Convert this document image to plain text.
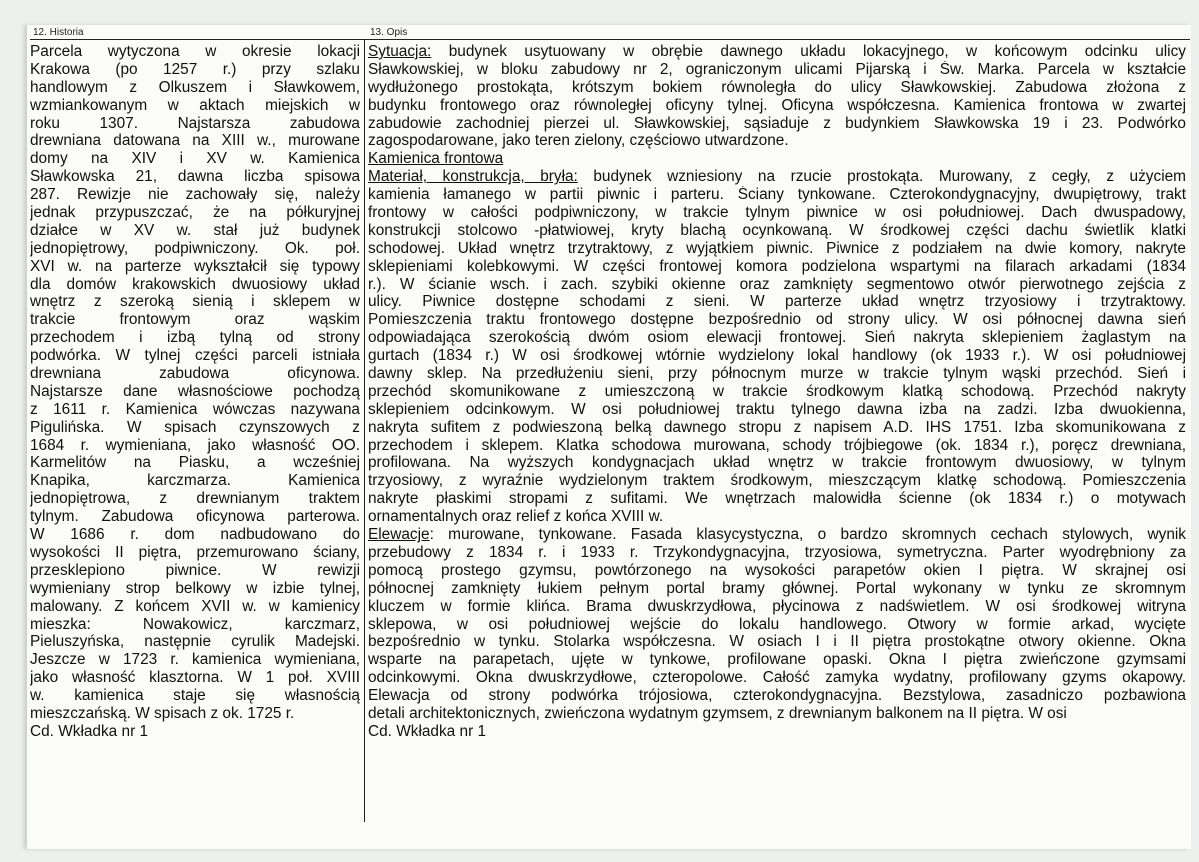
12. Historia	13. Opis
Parcela wytyczona w okresie lokacji
Krakowa (po 1257 r.) przy szlaku
handlowym z Olkuszem i Sławkowem,
wzmiankowanym w aktach miejskich w
roku 1307. Najstarsza zabudowa
drewniana datowana na XIII w., murowane
domy na XIV i XV w. Kamienica
Sławkowska 21, dawna liczba spisowa
287. Rewizje nie zachowały się, należy
jednak przypuszczać, że na półkuryjnej
działce w XV w. stał już budynek
jednopiętrowy, podpiwniczony. Ok. poł.
XVI w. na parterze wykształcił się typowy
dla domów krakowskich dwuosiowy układ
wnętrz z szeroką sienią i sklepem w
trakcie frontowym oraz wąskim
przechodem i izbą tylną od strony
podwórka. W tylnej części parceli istniała
drewniana zabudowa oficynowa.
Najstarsze dane własnościowe pochodzą
z 1611 r. Kamienica wówczas nazywana
Pigulińska. W spisach czynszowych z
1684 r. wymieniana, jako własność OO.
Karmelitów na Piasku, a wcześniej
Knapika, karczmarza. Kamienica
jednopiętrowa, z drewnianym traktem
tylnym. Zabudowa oficynowa parterowa.
W 1686 r. dom nadbudowano do
wysokości II piętra, przemurowano ściany,
przesklepiono piwnice. W rewizji
wymieniany strop belkowy w izbie tylnej,
malowany. Z końcem XVII w. w kamienicy
mieszka: Nowakowicz, karczmarz,
Pieluszyńska, następnie cyrulik Madejski.
Jeszcze w 1723 r. kamienica wymieniana,
jako własność klasztorna. W 1 poł. XVIII
w. kamienica staje się własnością
mieszczańską. W spisach z ok. 1725 r.
Cd. Wkładka nr 1
Sytuacja: budynek usytuowany w obrębie dawnego układu lokacyjnego, w końcowym odcinku ulicy
Sławkowskiej, w bloku zabudowy nr 2, ograniczonym ulicami Pijarską i Św. Marka. Parcela w kształcie
wydłużonego prostokąta, krótszym bokiem równoległa do ulicy Sławkowskiej. Zabudowa złożona z
budynku frontowego oraz równoległej oficyny tylnej. Oficyna współczesna. Kamienica frontowa w zwartej
zabudowie zachodniej pierzei ul. Sławkowskiej, sąsiaduje z budynkiem Sławkowska 19 i 23. Podwórko
zagospodarowane, jako teren zielony, częściowo utwardzone.
Kamienica frontowa
Materiał, konstrukcja, bryła: budynek wzniesiony na rzucie prostokąta. Murowany, z cegły, z użyciem
kamienia łamanego w partii piwnic i parteru. Ściany tynkowane. Czterokondygnacyjny, dwupiętrowy, trakt
frontowy w całości podpiwniczony, w trakcie tylnym piwnice w osi południowej. Dach dwuspadowy,
konstrukcji stolcowo -płatwiowej, kryty blachą ocynkowaną. W środkowej części dachu świetlik klatki
schodowej. Układ wnętrz trzytraktowy, z wyjątkiem piwnic. Piwnice z podziałem na dwie komory, nakryte
sklepieniami kolebkowymi. W części frontowej komora podzielona wspartymi na filarach arkadami (1834
r.). W ścianie wsch. i zach. szybiki okienne oraz zamknięty segmentowo otwór pierwotnego zejścia z
ulicy. Piwnice dostępne schodami z sieni. W parterze układ wnętrz trzyosiowy i trzytraktowy.
Pomieszczenia traktu frontowego dostępne bezpośrednio od strony ulicy. W osi północnej dawna sień
odpowiadająca szerokością dwóm osiom elewacji frontowej. Sień nakryta sklepieniem żaglastym na
gurtach (1834 r.) W osi środkowej wtórnie wydzielony lokal handlowy (ok 1933 r.). W osi południowej
dawny sklep. Na przedłużeniu sieni, przy północnym murze w trakcie tylnym wąski przechód. Sień i
przechód skomunikowane z umieszczoną w trakcie środkowym klatką schodową. Przechód nakryty
sklepieniem odcinkowym. W osi południowej traktu tylnego dawna izba na zadzi. Izba dwuokienna,
nakryta sufitem z podwieszoną belką dawnego stropu z napisem A.D. IHS 1751. Izba skomunikowana z
przechodem i sklepem. Klatka schodowa murowana, schody trójbiegowe (ok. 1834 r.), poręcz drewniana,
profilowana. Na wyższych kondygnacjach układ wnętrz w trakcie frontowym dwuosiowy, w tylnym
trzyosiowy, z wyraźnie wydzielonym traktem środkowym, mieszczącym klatkę schodową. Pomieszczenia
nakryte płaskimi stropami z sufitami. We wnętrzach malowidła ścienne (ok 1834 r.) o motywach
ornamentalnych oraz relief z końca XVIII w.
Elewacje: murowane, tynkowane. Fasada klasycystyczna, o bardzo skromnych cechach stylowych, wynik
przebudowy z 1834 r. i 1933 r. Trzykondygnacyjna, trzyosiowa, symetryczna. Parter wyodrębniony za
pomocą prostego gzymsu, powtórzonego na wysokości parapetów okien I piętra. W skrajnej osi
północnej zamknięty łukiem pełnym portal bramy głównej. Portal wykonany w tynku ze skromnym
kluczem w formie klińca. Brama dwuskrzydłowa, płycinowa z nadświetlem. W osi środkowej witryna
sklepowa, w osi południowej wejście do lokalu handlowego. Otwory w formie arkad, wycięte
bezpośrednio w tynku. Stolarka współczesna. W osiach I i II piętra prostokątne otwory okienne. Okna
wsparte na parapetach, ujęte w tynkowe, profilowane opaski. Okna I piętra zwieńczone gzymsami
odcinkowymi. Okna dwuskrzydłowe, czteropolowe. Całość zamyka wydatny, profilowany gzyms okapowy.
Elewacja od strony podwórka trójosiowa, czterokondygnacyjna. Bezstylowa, zasadniczo pozbawiona
detali architektonicznych, zwieńczona wydatnym gzymsem, z drewnianym balkonem na II piętra. W osi
Cd. Wkładka nr 1
